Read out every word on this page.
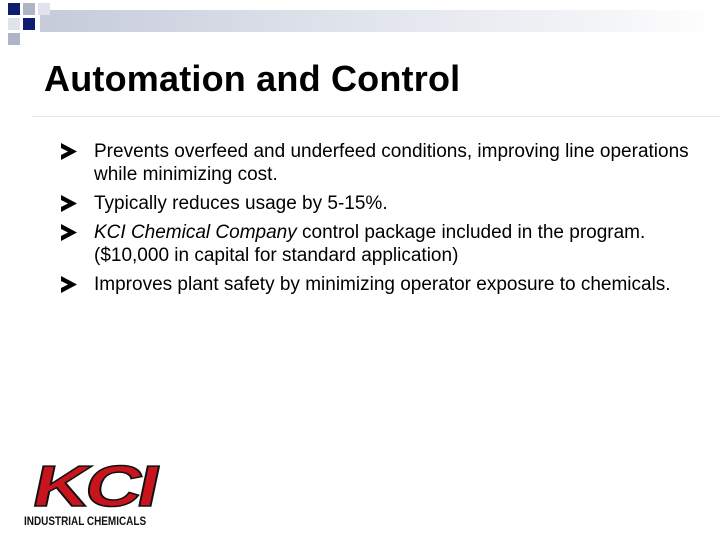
Automation and Control
Prevents overfeed and underfeed conditions, improving line operations while minimizing cost.
Typically reduces usage by 5-15%.
KCI Chemical Company control package included in the program. ($10,000 in capital for standard application)
Improves plant safety by minimizing operator exposure to chemicals.
KCI
INDUSTRIAL CHEMICALS
